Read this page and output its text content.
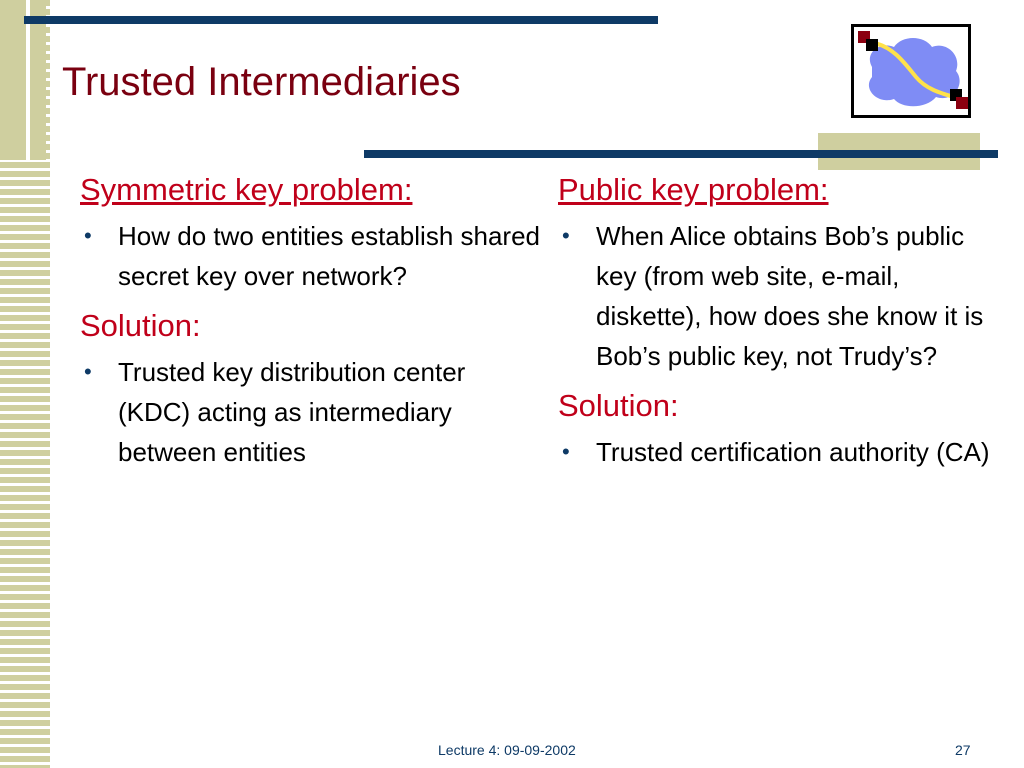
Trusted Intermediaries
Symmetric key problem:
• How do two entities establish shared secret key over network?
Solution:
• Trusted key distribution center (KDC) acting as intermediary between entities
Public key problem:
• When Alice obtains Bob’s public key (from web site, e-mail, diskette), how does she know it is Bob’s public key, not Trudy’s?
Solution:
• Trusted certification authority (CA)
Lecture 4: 09-09-2002	27
